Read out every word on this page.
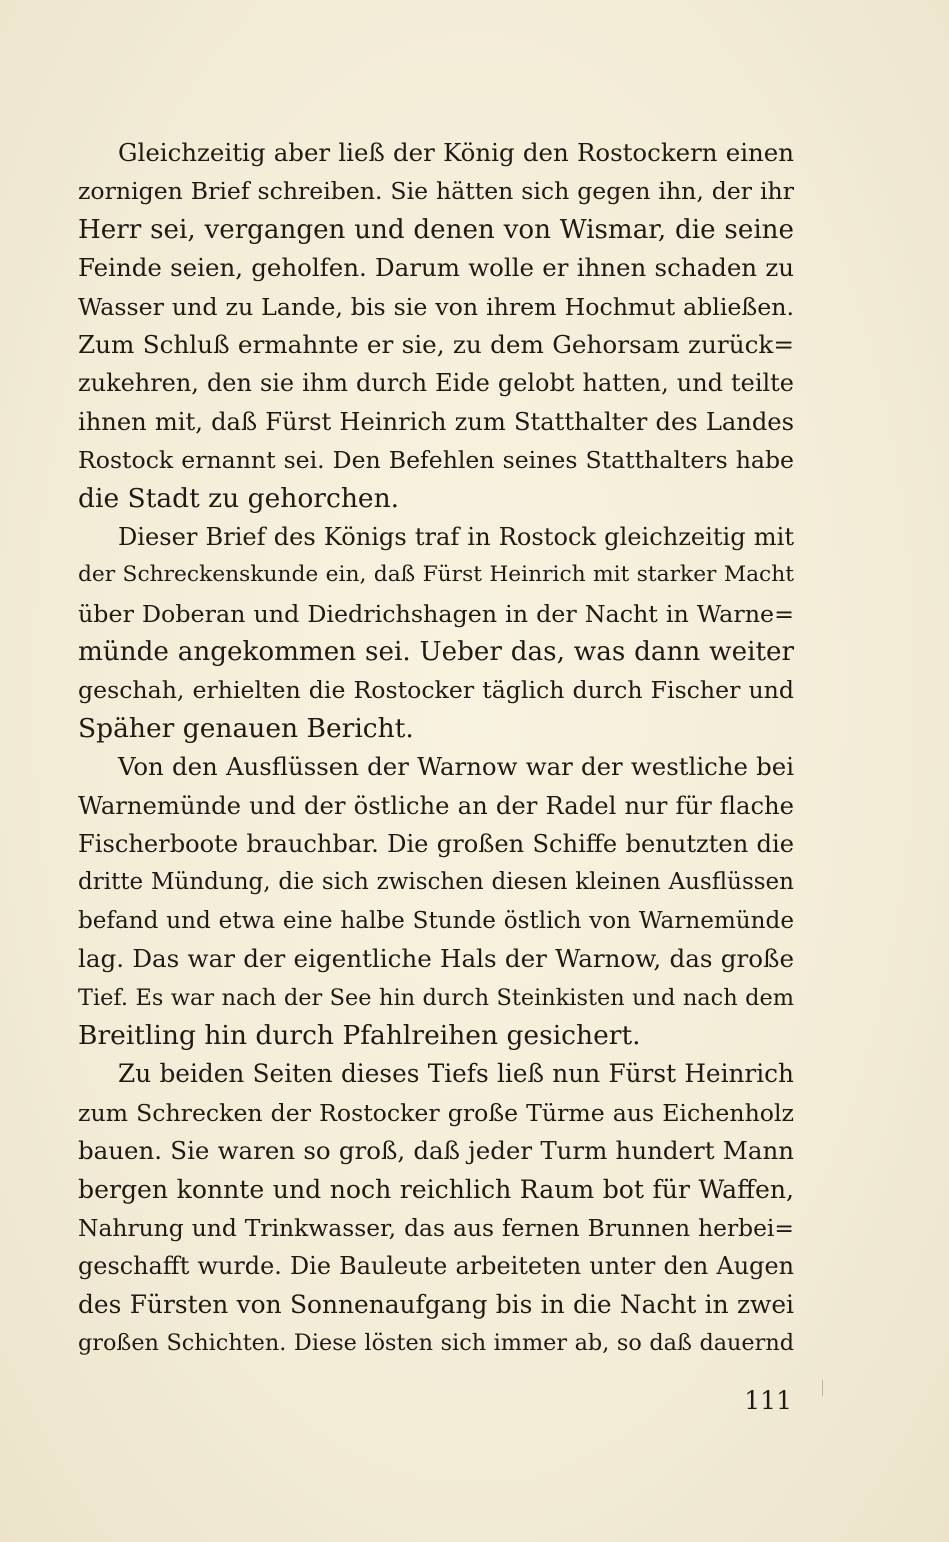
Gleichzeitig aber ließ der König den Rostockern einen
zornigen Brief schreiben. Sie hätten sich gegen ihn, der ihr
Herr sei, vergangen und denen von Wismar, die seine
Feinde seien, geholfen. Darum wolle er ihnen schaden zu
Wasser und zu Lande, bis sie von ihrem Hochmut abließen.
Zum Schluß ermahnte er sie, zu dem Gehorsam zurück=
zukehren, den sie ihm durch Eide gelobt hatten, und teilte
ihnen mit, daß Fürst Heinrich zum Statthalter des Landes
Rostock ernannt sei. Den Befehlen seines Statthalters habe
die Stadt zu gehorchen.
Dieser Brief des Königs traf in Rostock gleichzeitig mit
der Schreckenskunde ein, daß Fürst Heinrich mit starker Macht
über Doberan und Diedrichshagen in der Nacht in Warne=
münde angekommen sei. Ueber das, was dann weiter
geschah, erhielten die Rostocker täglich durch Fischer und
Späher genauen Bericht.
Von den Ausflüssen der Warnow war der westliche bei
Warnemünde und der östliche an der Radel nur für flache
Fischerboote brauchbar. Die großen Schiffe benutzten die
dritte Mündung, die sich zwischen diesen kleinen Ausflüssen
befand und etwa eine halbe Stunde östlich von Warnemünde
lag. Das war der eigentliche Hals der Warnow, das große
Tief. Es war nach der See hin durch Steinkisten und nach dem
Breitling hin durch Pfahlreihen gesichert.
Zu beiden Seiten dieses Tiefs ließ nun Fürst Heinrich
zum Schrecken der Rostocker große Türme aus Eichenholz
bauen. Sie waren so groß, daß jeder Turm hundert Mann
bergen konnte und noch reichlich Raum bot für Waffen,
Nahrung und Trinkwasser, das aus fernen Brunnen herbei=
geschafft wurde. Die Bauleute arbeiteten unter den Augen
des Fürsten von Sonnenaufgang bis in die Nacht in zwei
großen Schichten. Diese lösten sich immer ab, so daß dauernd
111
